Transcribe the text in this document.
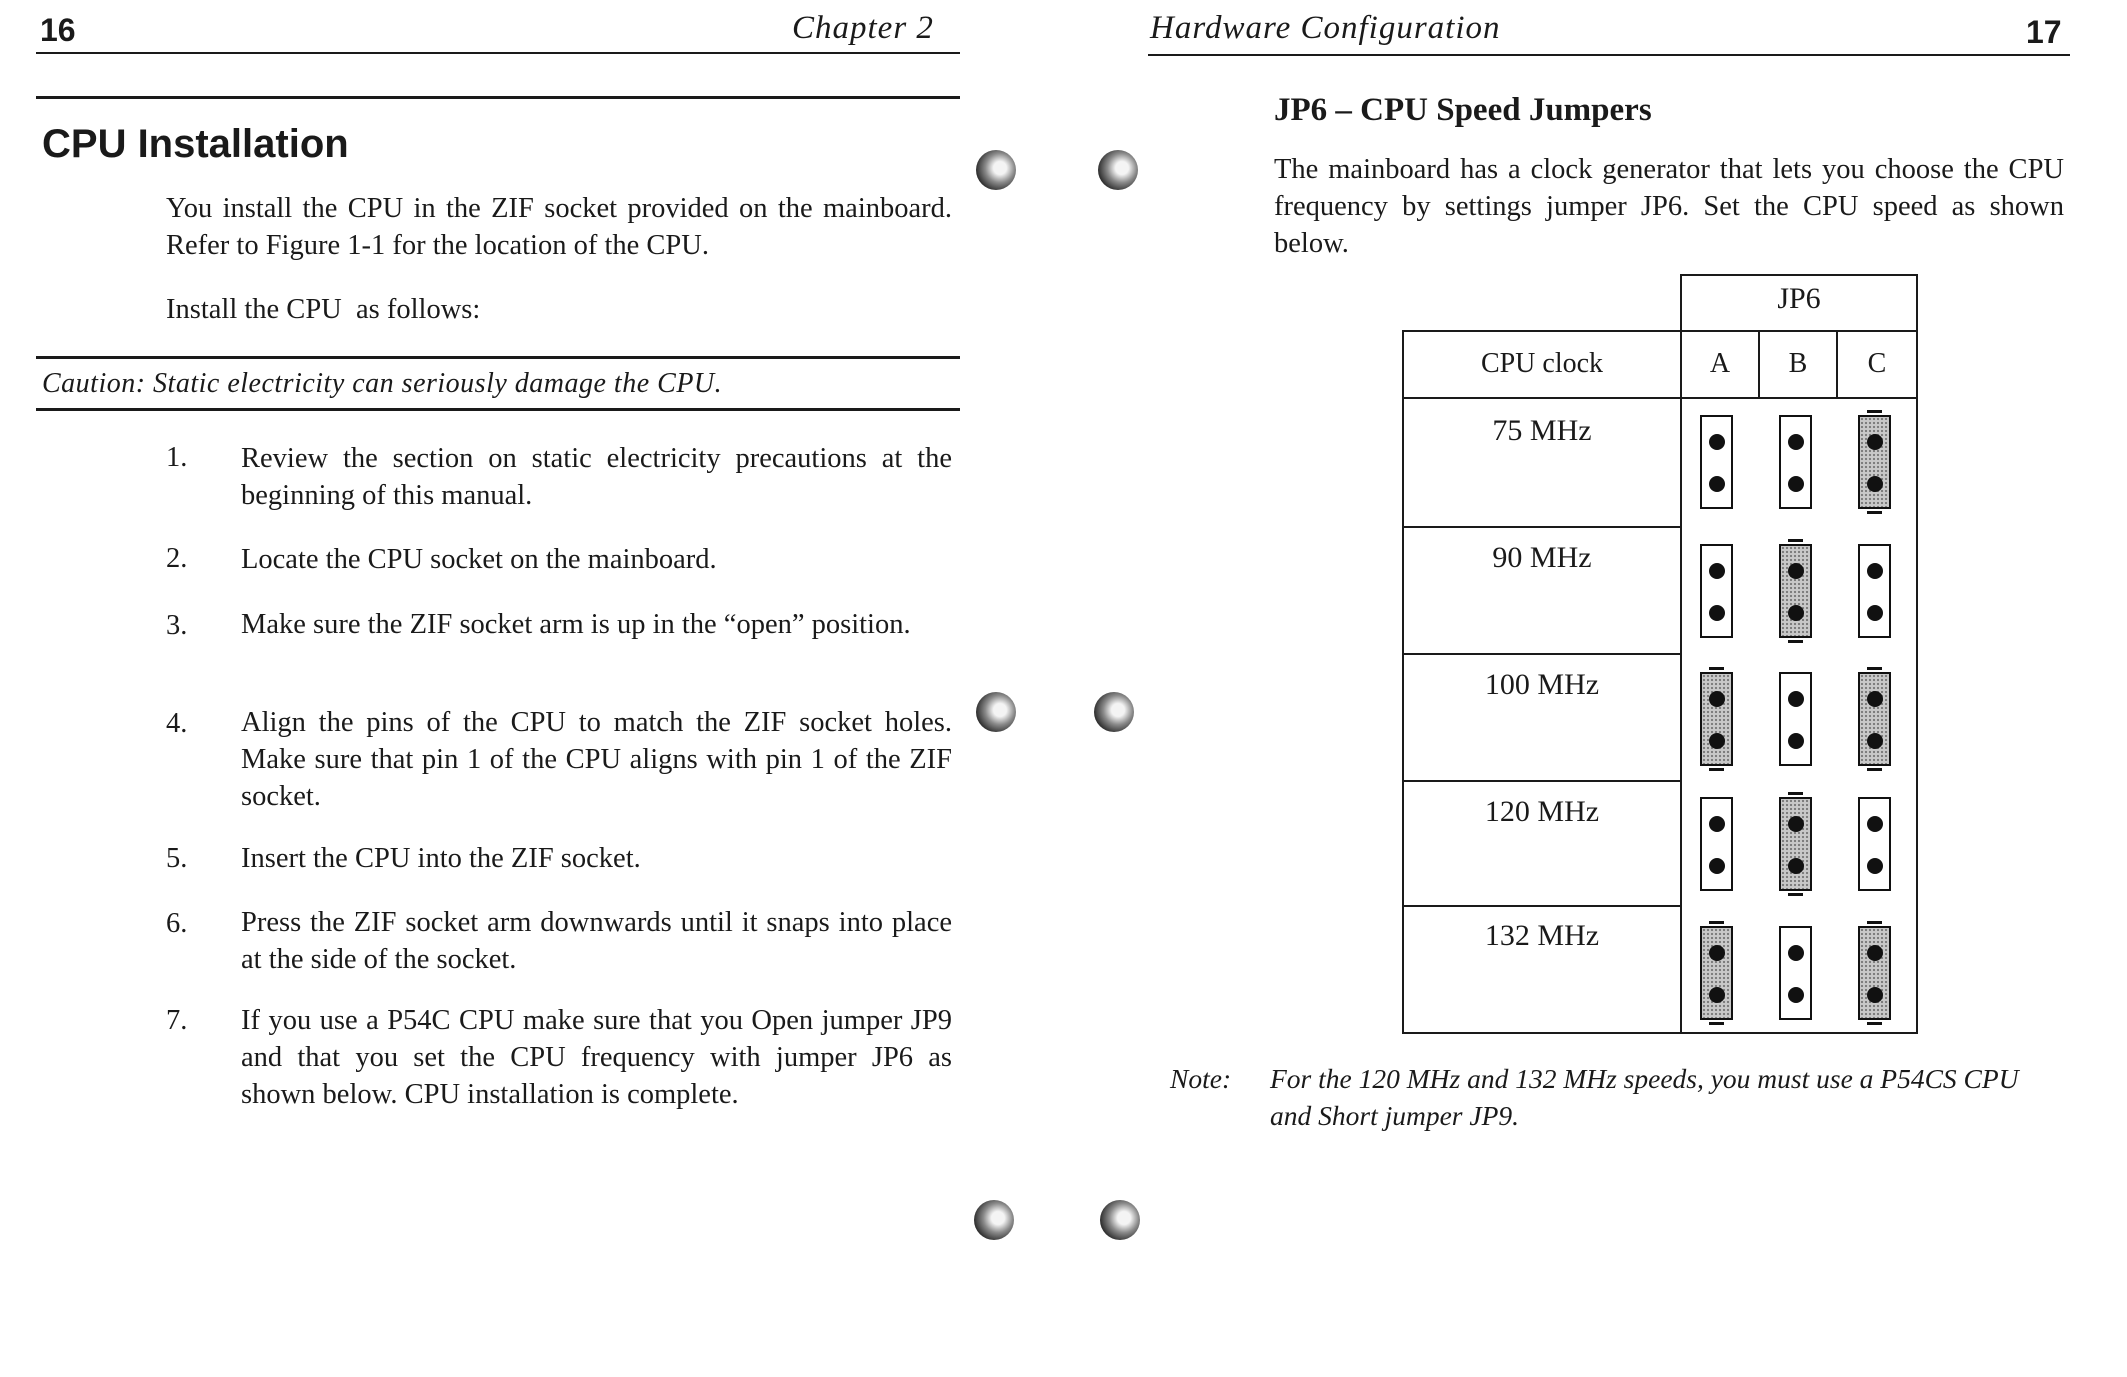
16	Chapter 2
CPU Installation
You install the CPU in the ZIF socket provided on the mainboard. Refer to Figure 1-1 for the location of the CPU.
Install the CPU  as follows:
Caution: Static electricity can seriously damage the CPU.
1. Review the section on static electricity precautions at the beginning of this manual.
2. Locate the CPU socket on the mainboard.
3. Make sure the ZIF socket arm is up in the “open” position.
4. Align the pins of the CPU to match the ZIF socket holes. Make sure that pin 1 of the CPU aligns with pin 1 of the ZIF socket.
5. Insert the CPU into the ZIF socket.
6. Press the ZIF socket arm downwards until it snaps into place at the side of the socket.
7. If you use a P54C CPU make sure that you Open jumper JP9 and that you set the CPU frequency with jumper JP6 as shown below. CPU installation is complete.
Hardware Configuration	17
JP6 – CPU Speed Jumpers
The mainboard has a clock generator that lets you choose the CPU frequency by settings jumper JP6. Set the CPU speed as shown below.
JP6
CPU clock	A	B	C
75 MHz
90 MHz
100 MHz
120 MHz
132 MHz
Note: For the 120 MHz and 132 MHz speeds, you must use a P54CS CPU and Short jumper JP9.
